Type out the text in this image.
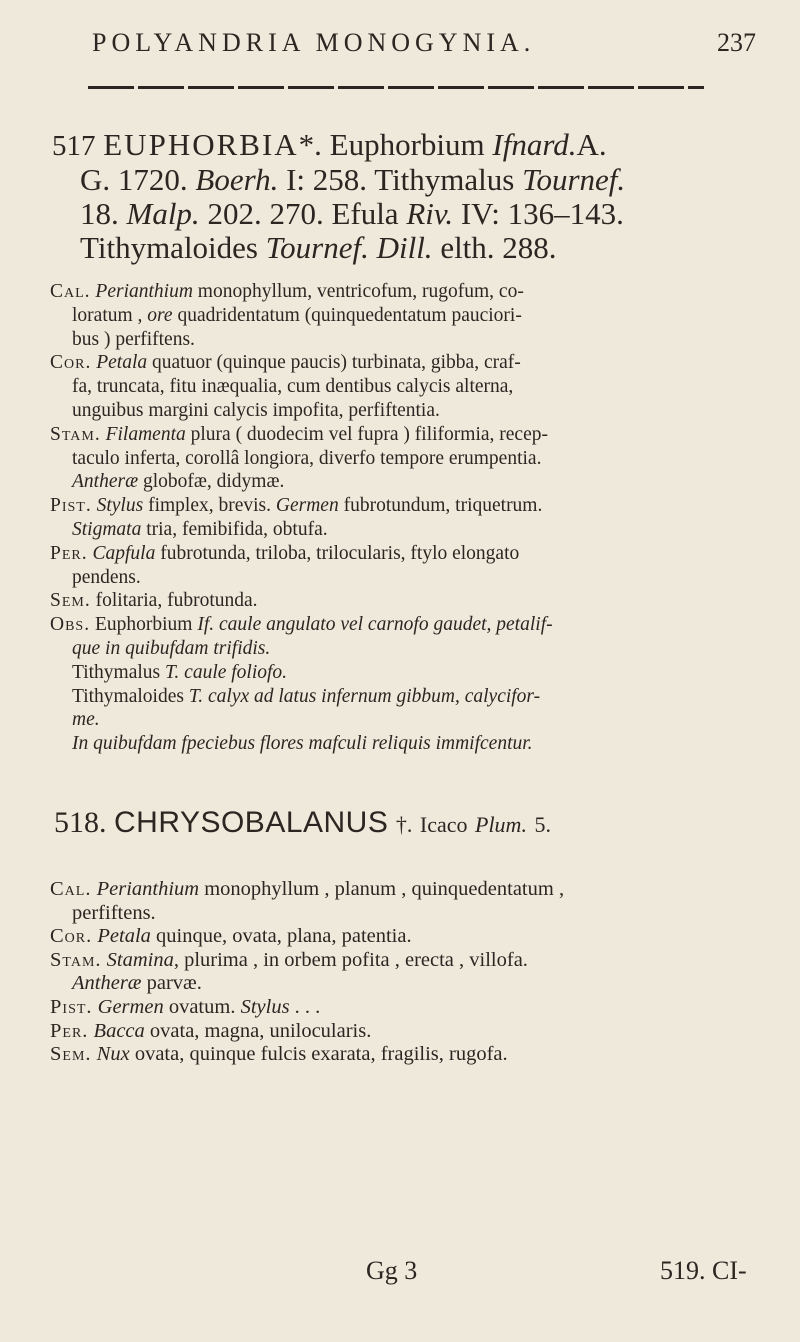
POLYANDRIA MONOGYNIA.	237
517 EUPHORBIA*. Euphorbium Ifnard.A.
G. 1720. Boerh. I: 258. Tithymalus Tournef.
18. Malp. 202. 270. Efula Riv. IV: 136–143.
Tithymaloides Tournef. Dill. elth. 288.

Cal. Perianthium monophyllum, ventricofum, rugofum, co-
loratum , ore quadridentatum (quinquedentatum pauciori-
bus ) perfiftens.

Cor. Petala quatuor (quinque paucis) turbinata, gibba, craf-
fa, truncata, fitu inæqualia, cum dentibus calycis alterna,
unguibus margini calycis impofita, perfiftentia.

Stam. Filamenta plura ( duodecim vel fupra ) filiformia, recep-
taculo inferta, corollâ longiora, diverfo tempore erumpentia.
Antheræ globofæ, didymæ.

Pist. Stylus fimplex, brevis. Germen fubrotundum, triquetrum.
Stigmata tria, femibifida, obtufa.

Per. Capfula fubrotunda, triloba, trilocularis, ftylo elongato
pendens.

Sem. folitaria, fubrotunda.

Obs. Euphorbium If. caule angulato vel carnofo gaudet, petalif-
que in quibufdam trifidis.
Tithymalus T. caule foliofo.
Tithymaloides T. calyx ad latus infernum gibbum, calycifor-
me.
In quibufdam fpeciebus flores mafculi reliquis immifcentur.

518. CHRYSOBALANUS †. Icaco Plum. 5.

Cal. Perianthium monophyllum , planum , quinquedentatum ,
perfiftens.

Cor. Petala quinque, ovata, plana, patentia.

Stam. Stamina, plurima , in orbem pofita , erecta , villofa.
Antheræ parvæ.

Pist. Germen ovatum. Stylus . . .

Per. Bacca ovata, magna, unilocularis.

Sem. Nux ovata, quinque fulcis exarata, fragilis, rugofa.

Gg 3	519. CI-
